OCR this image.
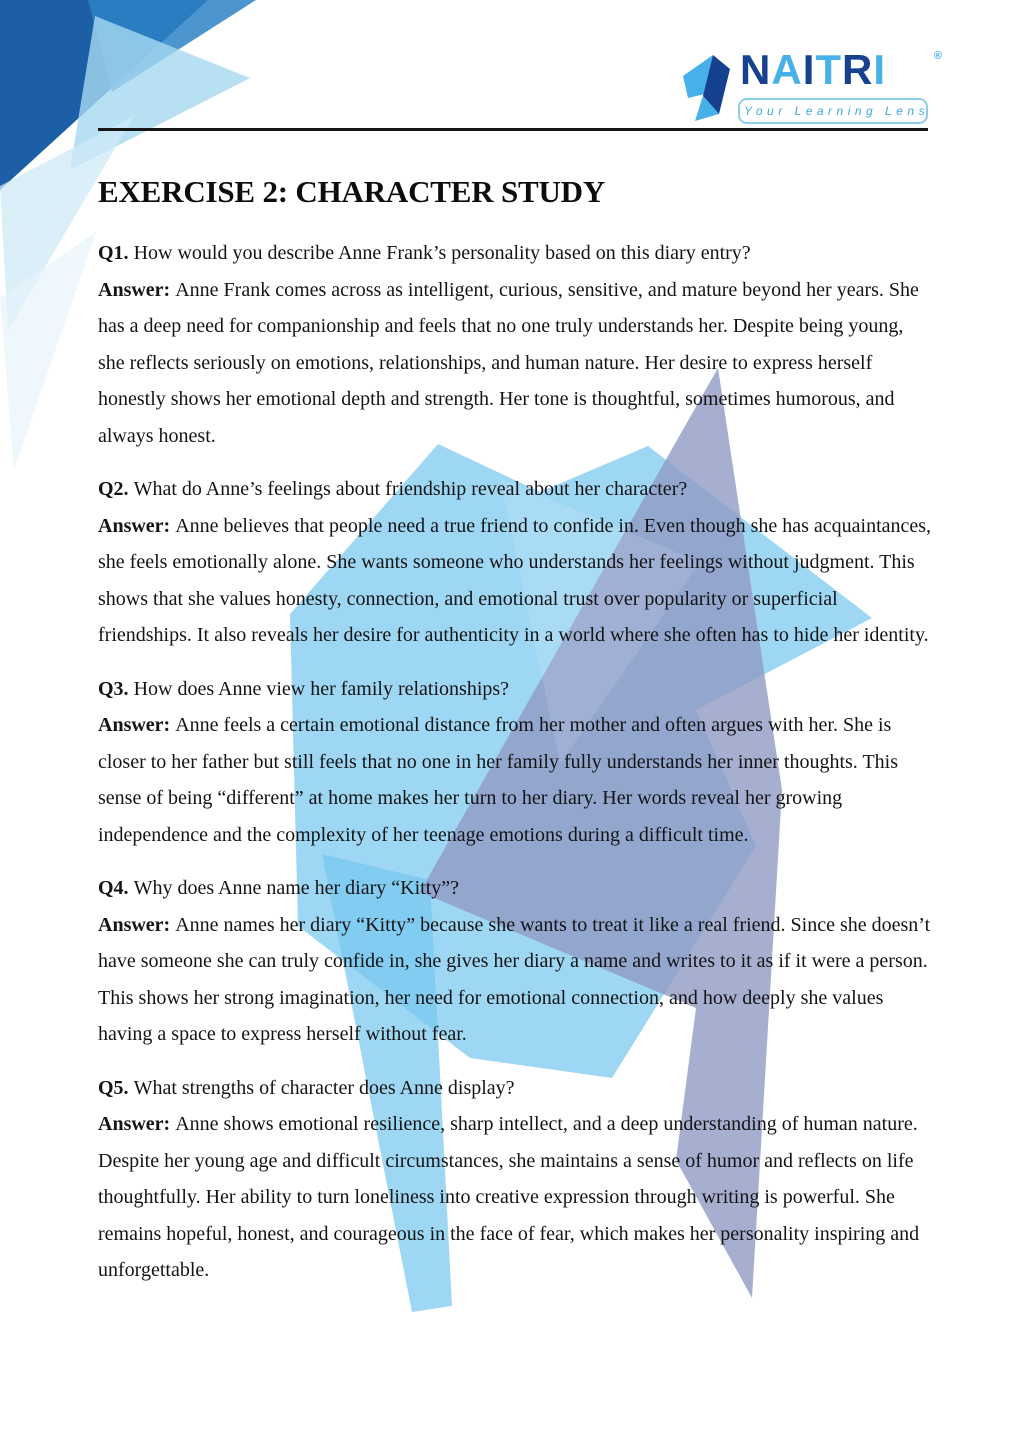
NAITRI	®
Your Learning Lens
EXERCISE 2: CHARACTER STUDY

Q1. How would you describe Anne Frank’s personality based on this diary entry?

Answer: Anne Frank comes across as intelligent, curious, sensitive, and mature beyond her years. She has a deep need for companionship and feels that no one truly understands her. Despite being young, she reflects seriously on emotions, relationships, and human nature. Her desire to express herself honestly shows her emotional depth and strength. Her tone is thoughtful, sometimes humorous, and always honest.

Q2. What do Anne’s feelings about friendship reveal about her character?

Answer: Anne believes that people need a true friend to confide in. Even though she has acquaintances, she feels emotionally alone. She wants someone who understands her feelings without judgment. This shows that she values honesty, connection, and emotional trust over popularity or superficial friendships. It also reveals her desire for authenticity in a world where she often has to hide her identity.

Q3. How does Anne view her family relationships?

Answer: Anne feels a certain emotional distance from her mother and often argues with her. She is closer to her father but still feels that no one in her family fully understands her inner thoughts. This sense of being “different” at home makes her turn to her diary. Her words reveal her growing independence and the complexity of her teenage emotions during a difficult time.

Q4. Why does Anne name her diary “Kitty”?

Answer: Anne names her diary “Kitty” because she wants to treat it like a real friend. Since she doesn’t have someone she can truly confide in, she gives her diary a name and writes to it as if it were a person. This shows her strong imagination, her need for emotional connection, and how deeply she values having a space to express herself without fear.

Q5. What strengths of character does Anne display?

Answer: Anne shows emotional resilience, sharp intellect, and a deep understanding of human nature. Despite her young age and difficult circumstances, she maintains a sense of humor and reflects on life thoughtfully. Her ability to turn loneliness into creative expression through writing is powerful. She remains hopeful, honest, and courageous in the face of fear, which makes her personality inspiring and unforgettable.
